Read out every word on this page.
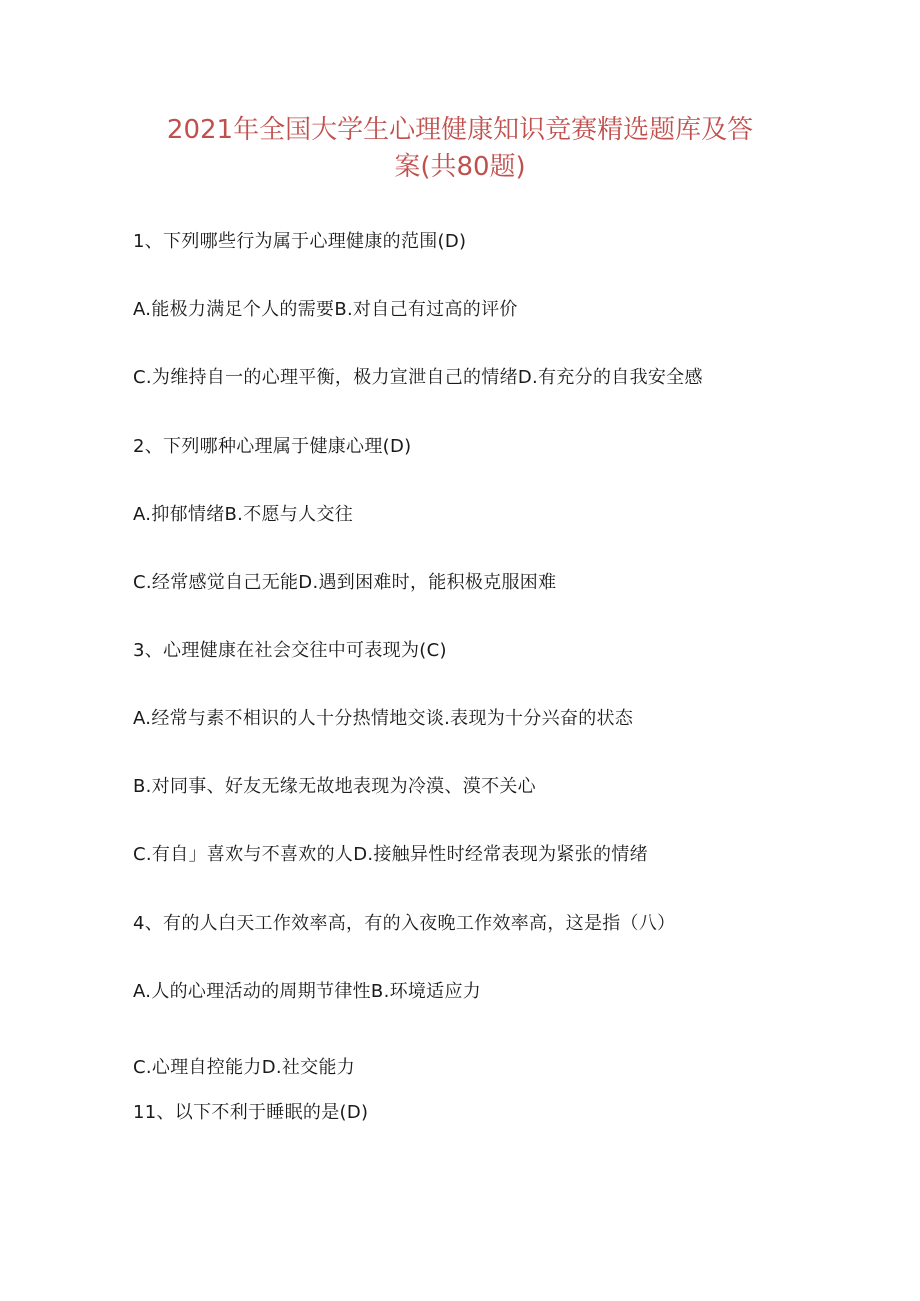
2021年全国大学生心理健康知识竞赛精选题库及答
案(共80题)
1、下列哪些行为属于心理健康的范围(D)
A.能极力满足个人的需要B.对自己有过高的评价
C.为维持自一的心理平衡，极力宣泄自己的情绪D.有充分的自我安全感
2、下列哪种心理属于健康心理(D)
A.抑郁情绪B.不愿与人交往
C.经常感觉自己无能D.遇到困难时，能积极克服困难
3、心理健康在社会交往中可表现为(C)
A.经常与素不相识的人十分热情地交谈.表现为十分兴奋的状态
B.对同事、好友无缘无故地表现为冷漠、漠不关心
C.有自」喜欢与不喜欢的人D.接触异性时经常表现为紧张的情绪
4、有的人白天工作效率高，有的入夜晚工作效率高，这是指（八）
A.人的心理活动的周期节律性B.环境适应力
C.心理自控能力D.社交能力
11、以下不利于睡眠的是(D)
